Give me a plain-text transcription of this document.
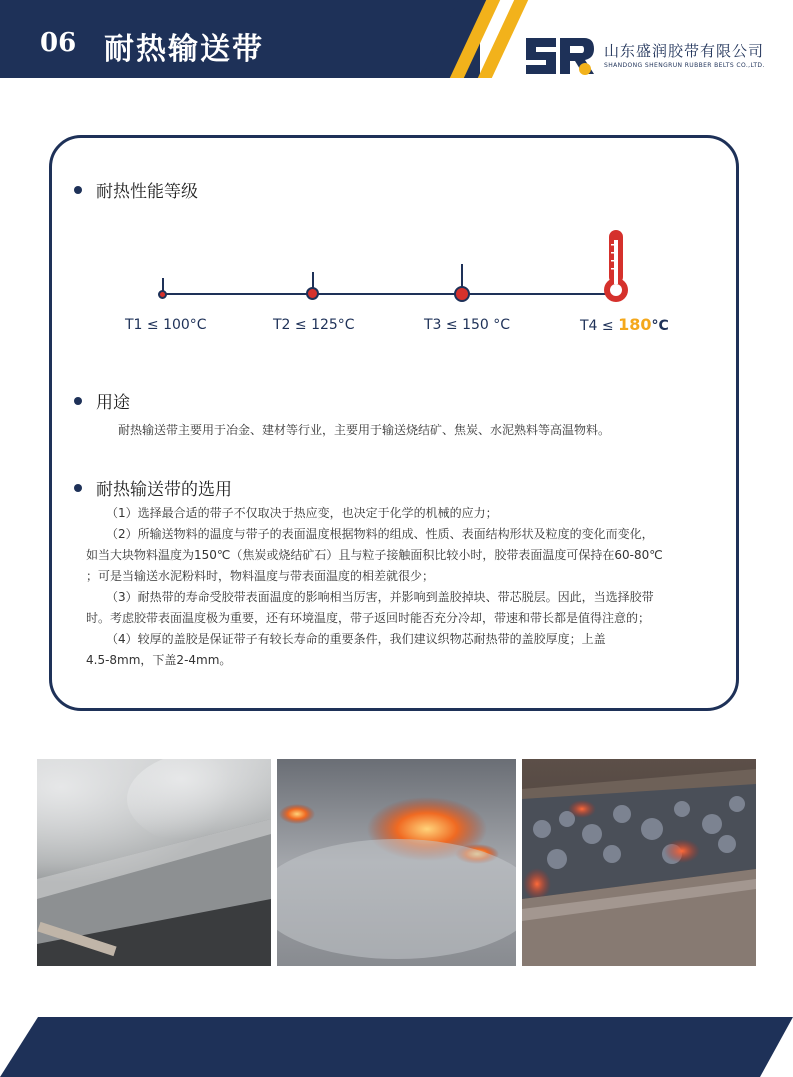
06 耐热输送带	山东盛润胶带有限公司
SHANDONG SHENGRUN RUBBER BELTS CO.,LTD.
耐热性能等级
T1 ≤ 100°C	T2 ≤ 125°C	T3 ≤ 150 °C	T4 ≤ 180°C
用途
耐热输送带主要用于冶金、建材等行业，主要用于输送烧结矿、焦炭、水泥熟料等高温物料。
耐热输送带的选用
（1）选择最合适的带子不仅取决于热应变，也决定于化学的机械的应力；
（2）所输送物料的温度与带子的表面温度根据物料的组成、性质、表面结构形状及粒度的变化而变化，
如当大块物料温度为150℃（焦炭或烧结矿石）且与粒子接触面积比较小时，胶带表面温度可保持在60-80℃
；可是当输送水泥粉料时，物料温度与带表面温度的相差就很少；
（3）耐热带的寿命受胶带表面温度的影响相当厉害，并影响到盖胶掉块、带芯脱层。因此，当选择胶带
时。考虑胶带表面温度极为重要，还有环境温度，带子返回时能否充分冷却，带速和带长都是值得注意的；
（4）较厚的盖胶是保证带子有较长寿命的重要条件，我们建议织物芯耐热带的盖胶厚度；上盖
4.5-8mm，下盖2-4mm。
